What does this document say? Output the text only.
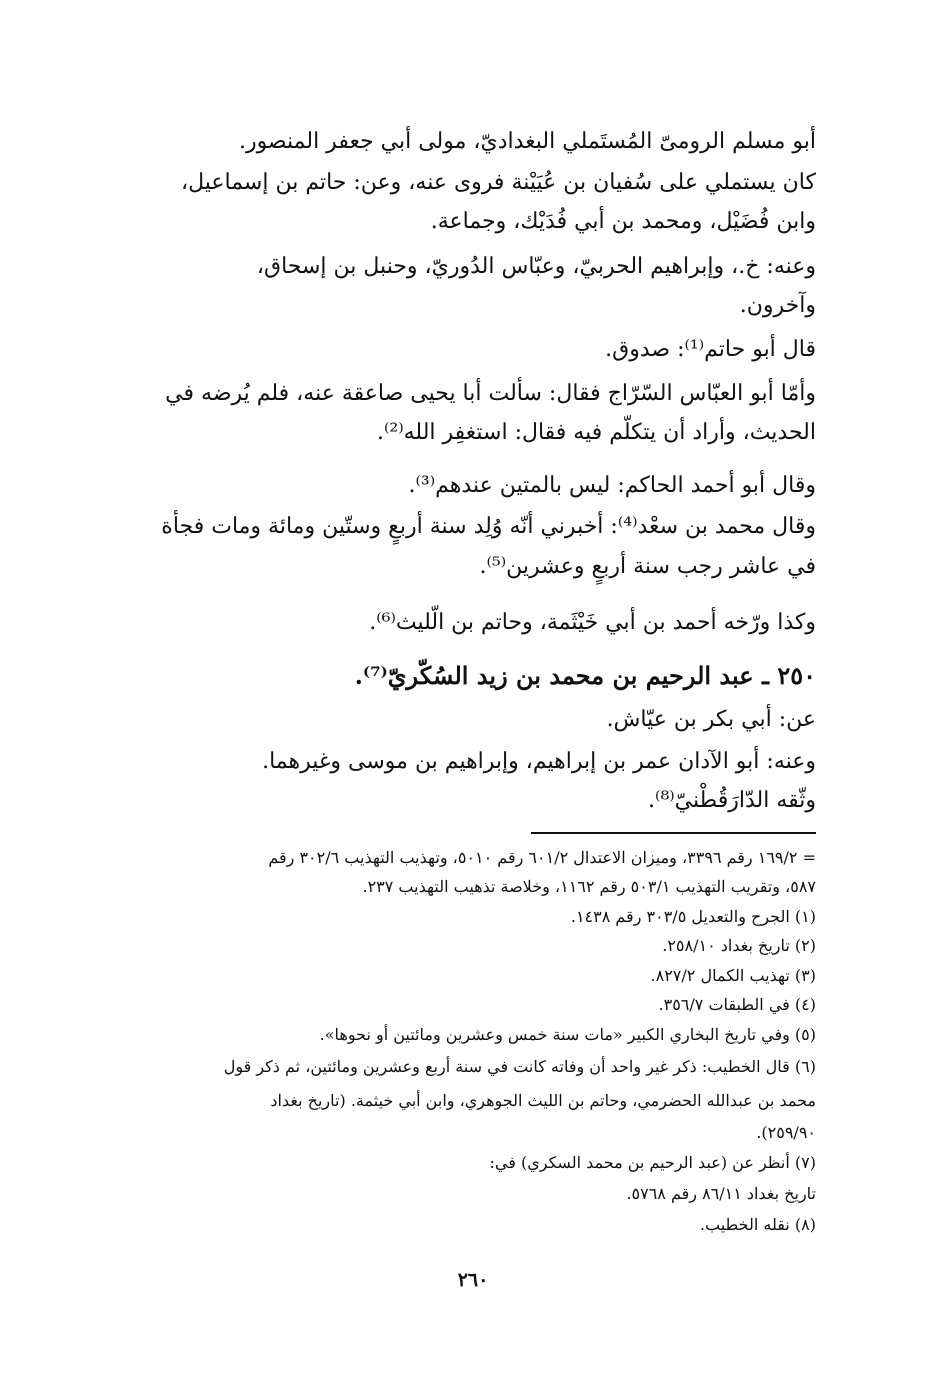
أبو مسلم الرومىّ المُستَملي البغداديّ، مولى أبي جعفر المنصور.
كان يستملي على سُفيان بن عُيَيْنة فروى عنه، وعن: حاتم بن إسماعيل،
وابن فُضَيْل، ومحمد بن أبي فُدَيْك، وجماعة.
وعنه: خ.، وإبراهيم الحربيّ، وعبّاس الدُوريّ، وحنبل بن إسحاق،
وآخرون.
قال أبو حاتم⁽¹⁾: صدوق.
وأمّا أبو العبّاس السّرّاج فقال: سألت أبا يحيى صاعقة عنه، فلم يُرضه في
الحديث، وأراد أن يتكلّم فيه فقال: استغفِر الله⁽²⁾.
وقال أبو أحمد الحاكم: ليس بالمتين عندهم⁽³⁾.
وقال محمد بن سعْد⁽⁴⁾: أخبرني أنّه وُلِد سنة أربعٍ وستّين ومائة ومات فجأة
في عاشر رجب سنة أربعٍ وعشرين⁽⁵⁾.
وكذا ورّخه أحمد بن أبي خَيْثَمة، وحاتم بن الّليث⁽⁶⁾.
٢٥٠ ـ عبد الرحيم بن محمد بن زيد السُكّريّ⁽⁷⁾.
عن: أبي بكر بن عيّاش.
وعنه: أبو الآدان عمر بن إبراهيم، وإبراهيم بن موسى وغيرهما.
وثّقه الدّارَقُطْنيّ⁽⁸⁾.
= ١٦٩/٢ رقم ٣٣٩٦، وميزان الاعتدال ٦٠١/٢ رقم ٥٠١٠، وتهذيب التهذيب ٣٠٢/٦ رقم
٥٨٧، وتقريب التهذيب ٥٠٣/١ رقم ١١٦٢، وخلاصة تذهيب التهذيب ٢٣٧.
(١) الجرح والتعديل ٣٠٣/٥ رقم ١٤٣٨.
(٢) تاريخ بغداد ٢٥٨/١٠.
(٣) تهذيب الكمال ٨٢٧/٢.
(٤) في الطبقات ٣٥٦/٧.
(٥) وفي تاريخ البخاري الكبير «مات سنة خمس وعشرين ومائتين أو نحوها».
(٦) قال الخطيب: ذكر غير واحد أن وفاته كانت في سنة أربع وعشرين ومائتين، ثم ذكر قول
محمد بن عبدالله الحضرمي، وحاتم بن الليث الجوهري، وابن أبي خيثمة. (تاريخ بغداد
٢٥٩/٩٠).
(٧) أنظر عن (عبد الرحيم بن محمد السكري) في:
تاريخ بغداد ٨٦/١١ رقم ٥٧٦٨.
(٨) نقله الخطيب.
٢٦٠
